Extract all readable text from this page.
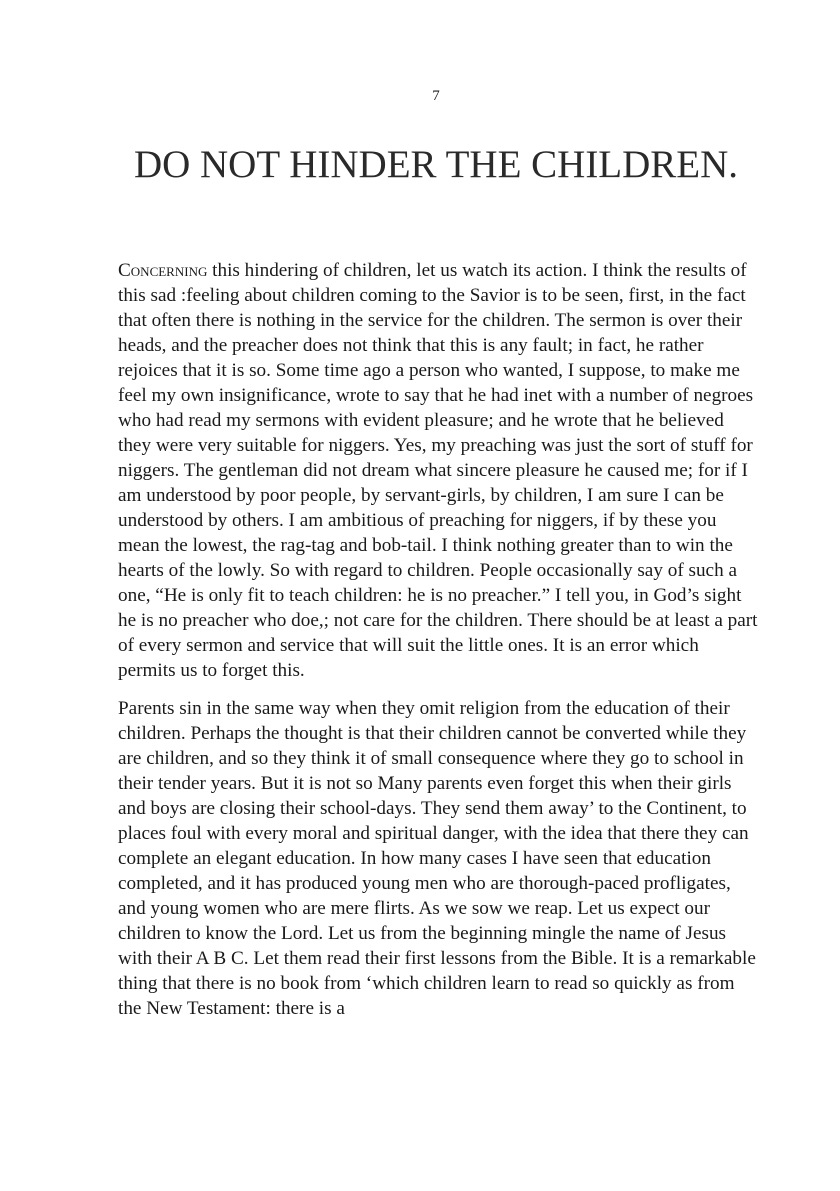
7
DO NOT HINDER THE CHILDREN.

Concerning this hindering of children, let us watch its action. I think the results of this sad :feeling about children coming to the Savior is to be seen, first, in the fact that often there is nothing in the service for the children. The sermon is over their heads, and the preacher does not think that this is any fault; in fact, he rather rejoices that it is so. Some time ago a person who wanted, I suppose, to make me feel my own insignificance, wrote to say that he had inet with a number of negroes who had read my sermons with evident pleasure; and he wrote that he believed they were very suitable for niggers. Yes, my preaching was just the sort of stuff for niggers. The gentleman did not dream what sincere pleasure he caused me; for if I am understood by poor people, by servant-girls, by children, I am sure I can be understood by others. I am ambitious of preaching for niggers, if by these you mean the lowest, the rag-tag and bob-tail. I think nothing greater than to win the hearts of the lowly. So with regard to children. People occasionally say of such a one, “He is only fit to teach children: he is no preacher.” I tell you, in God’s sight he is no preacher who doe,; not care for the children. There should be at least a part of every sermon and service that will suit the little ones. It is an error which permits us to forget this.

Parents sin in the same way when they omit religion from the education of their children. Perhaps the thought is that their children cannot be converted while they are children, and so they think it of small consequence where they go to school in their tender years. But it is not so Many parents even forget this when their girls and boys are closing their school-days. They send them away’ to the Continent, to places foul with every moral and spiritual danger, with the idea that there they can complete an elegant education. In how many cases I have seen that education completed, and it has produced young men who are thorough-paced profligates, and young women who are mere flirts. As we sow we reap. Let us expect our children to know the Lord. Let us from the beginning mingle the name of Jesus with their A B C. Let them read their first lessons from the Bible. It is a remarkable thing that there is no book from ‘which children learn to read so quickly as from the New Testament: there is a
